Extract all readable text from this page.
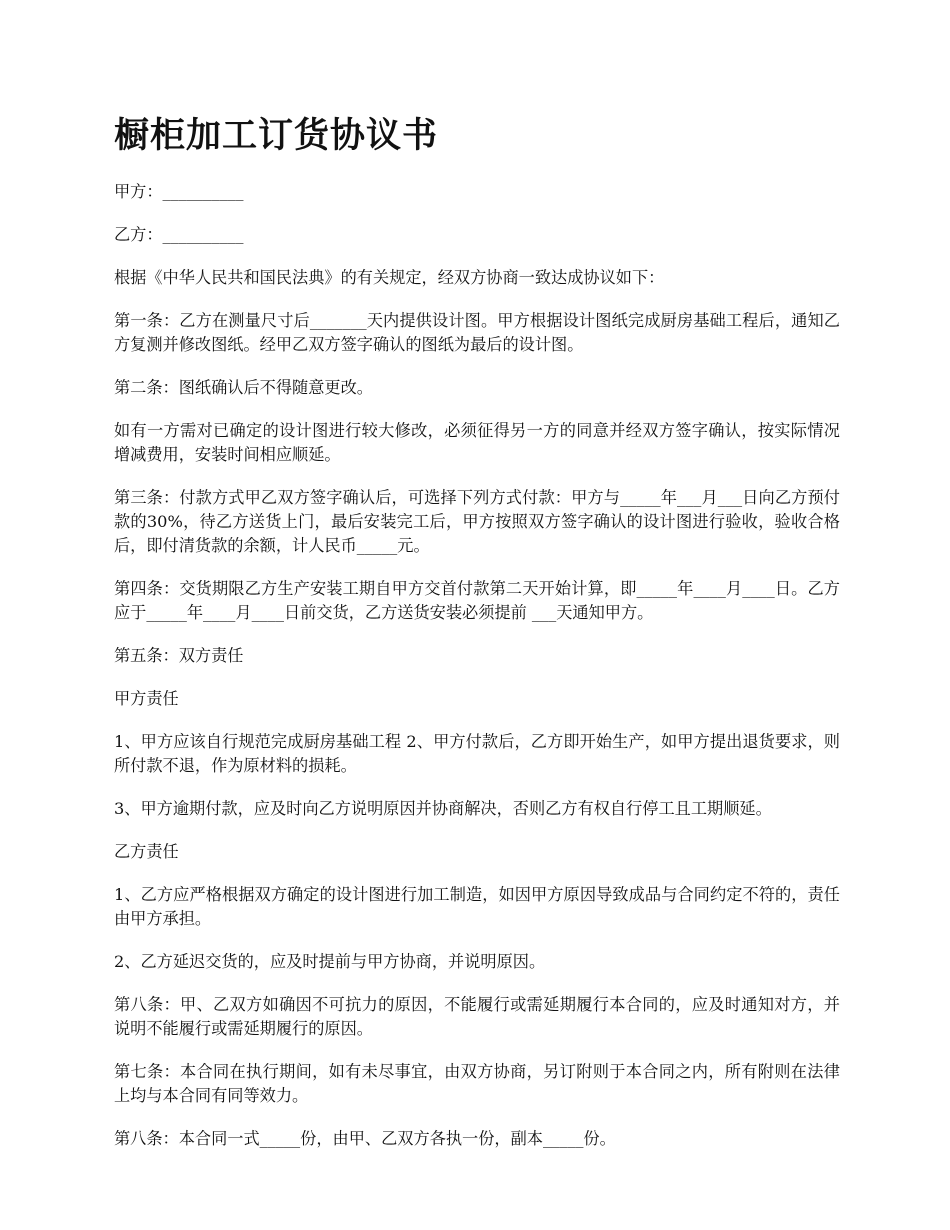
橱柜加工订货协议书

甲方：__________

乙方：__________

根据《中华人民共和国民法典》的有关规定，经双方协商一致达成协议如下：

第一条：乙方在测量尺寸后_______天内提供设计图。甲方根据设计图纸完成厨房基础工程后，通知乙方复测并修改图纸。经甲乙双方签字确认的图纸为最后的设计图。

第二条：图纸确认后不得随意更改。

如有一方需对已确定的设计图进行较大修改，必须征得另一方的同意并经双方签字确认，按实际情况增减费用，安装时间相应顺延。

第三条：付款方式甲乙双方签字确认后，可选择下列方式付款：甲方与_____年___月___日向乙方预付款的30%，待乙方送货上门，最后安装完工后，甲方按照双方签字确认的设计图进行验收，验收合格后，即付清货款的余额，计人民币_____元。

第四条：交货期限乙方生产安装工期自甲方交首付款第二天开始计算，即_____年____月____日。乙方应于_____年____月____日前交货，乙方送货安装必须提前 ___天通知甲方。

第五条：双方责任

甲方责任

1、甲方应该自行规范完成厨房基础工程 2、甲方付款后，乙方即开始生产，如甲方提出退货要求，则所付款不退，作为原材料的损耗。

3、甲方逾期付款，应及时向乙方说明原因并协商解决，否则乙方有权自行停工且工期顺延。

乙方责任

1、乙方应严格根据双方确定的设计图进行加工制造，如因甲方原因导致成品与合同约定不符的，责任由甲方承担。

2、乙方延迟交货的，应及时提前与甲方协商，并说明原因。

第八条：甲、乙双方如确因不可抗力的原因，不能履行或需延期履行本合同的，应及时通知对方，并说明不能履行或需延期履行的原因。

第七条：本合同在执行期间，如有未尽事宜，由双方协商，另订附则于本合同之内，所有附则在法律上均与本合同有同等效力。

第八条：本合同一式_____份，由甲、乙双方各执一份，副本_____份。
